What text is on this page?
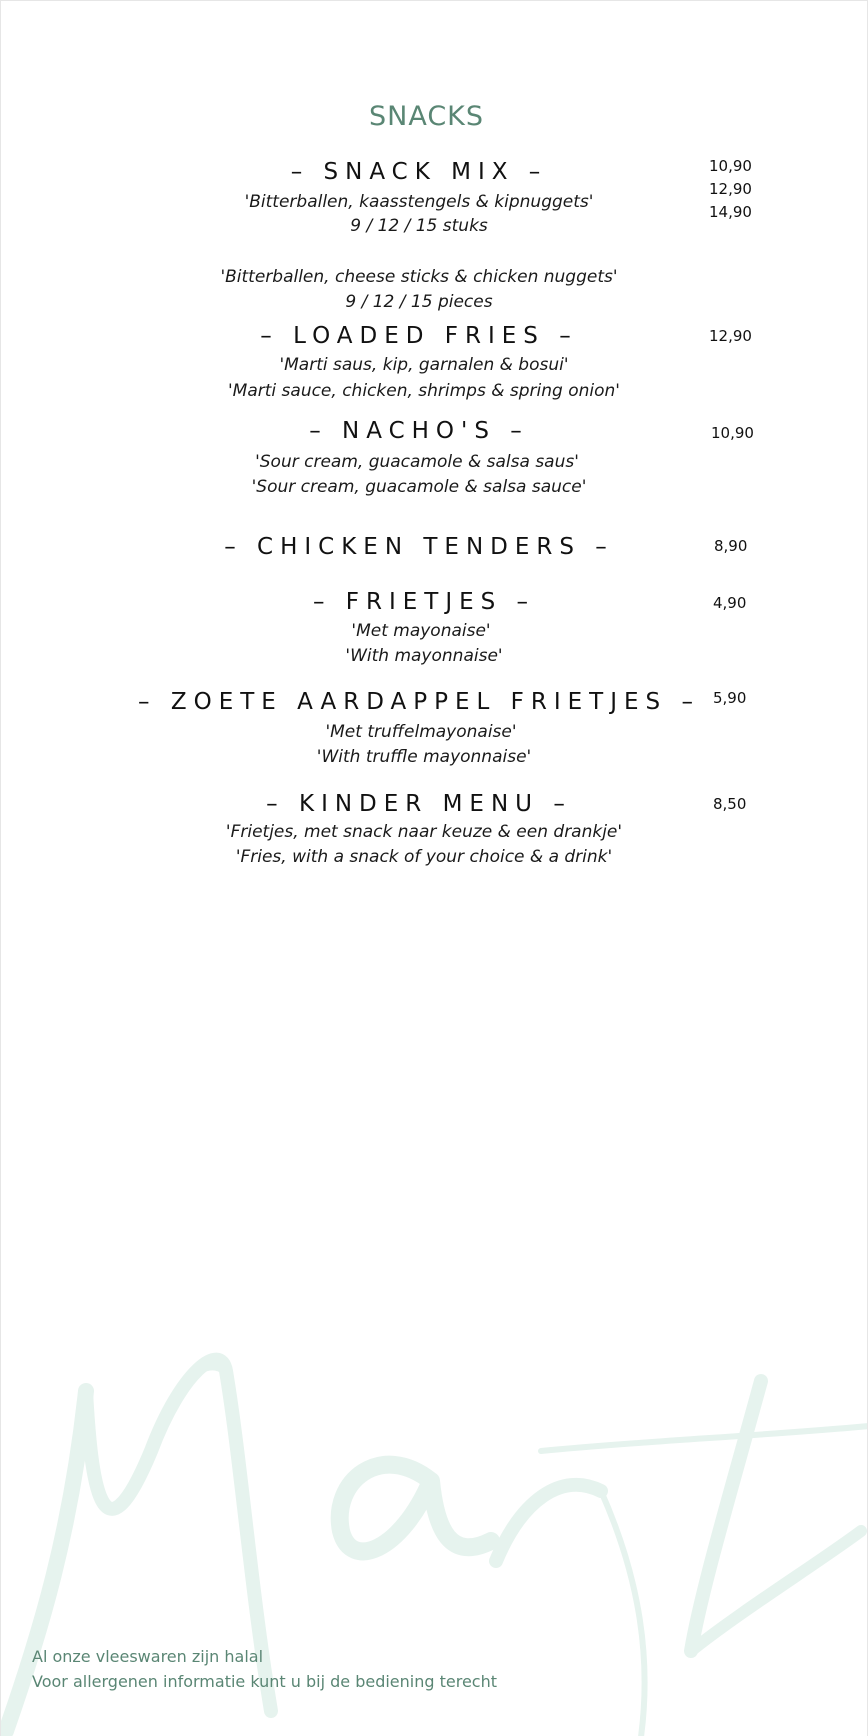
SNACKS
– SNACK MIX –
'Bitterballen, kaasstengels & kipnuggets'
9 / 12 / 15 stuks
'Bitterballen, cheese sticks & chicken nuggets'
9 / 12 / 15 pieces
10,90
12,90
14,90
– LOADED FRIES –
'Marti saus, kip, garnalen & bosui'
'Marti sauce, chicken, shrimps & spring onion'
12,90
– NACHO'S –
'Sour cream, guacamole & salsa saus'
'Sour cream, guacamole & salsa sauce'
10,90
– CHICKEN TENDERS –	8,90
– FRIETJES –
'Met mayonaise'
'With mayonnaise'
4,90
– ZOETE AARDAPPEL FRIETJES –
'Met truffelmayonaise'
'With truffle mayonnaise'
5,90
– KINDER MENU –
'Frietjes, met snack naar keuze & een drankje'
'Fries, with a snack of your choice & a drink'
8,50
Al onze vleeswaren zijn halal
Voor allergenen informatie kunt u bij de bediening terecht
